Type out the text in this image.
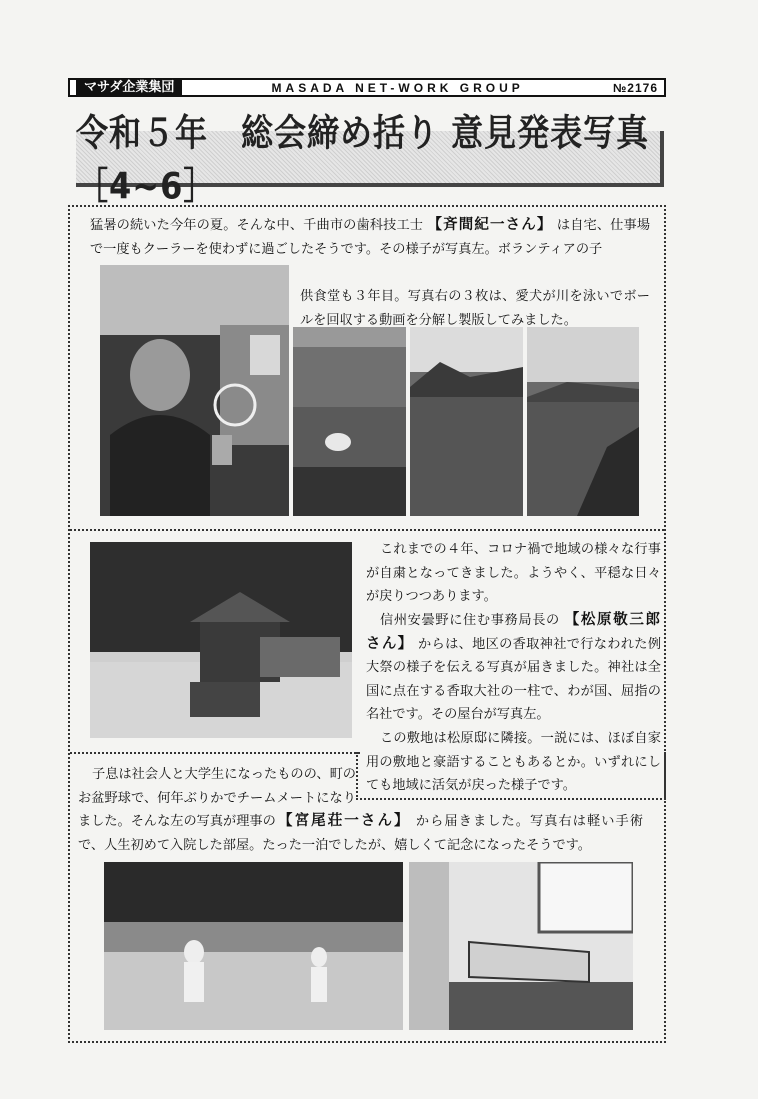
マサダ企業集団	MASADA NET-WORK GROUP	№2176
令和５年　総会締め括り 意見発表写真［4~6］
猛暑の続いた今年の夏。そんな中、千曲市の歯科技工士 【斉間紀一さん】 は自宅、仕事場で一度もクーラーを使わずに過ごしたそうです。その様子が写真左。ボランティアの子
供食堂も３年目。写真右の３枚は、愛犬が川を泳いでボールを回収する動画を分解し製版してみました。
これまでの４年、コロナ禍で地域の様々な行事が自粛となってきました。ようやく、平穏な日々が戻りつつあります。
信州安曇野に住む事務局長の 【松原敬三郎さん】 からは、地区の香取神社で行なわれた例大祭の様子を伝える写真が届きました。神社は全国に点在する香取大社の一柱で、わが国、屈指の名社です。その屋台が写真左。
この敷地は松原邸に隣接。一説には、ほぼ自家用の敷地と豪語することもあるとか。いずれにしても地域に活気が戻った様子です。
子息は社会人と大学生になったものの、町のお盆野球で、何年ぶりかでチームメートになりました。そんな左の写真が理事の 【宮尾荘一さん】 から届きました。写真右は軽い手術で、人生初めて入院した部屋。たった一泊でしたが、嬉しくて記念になったそうです。
